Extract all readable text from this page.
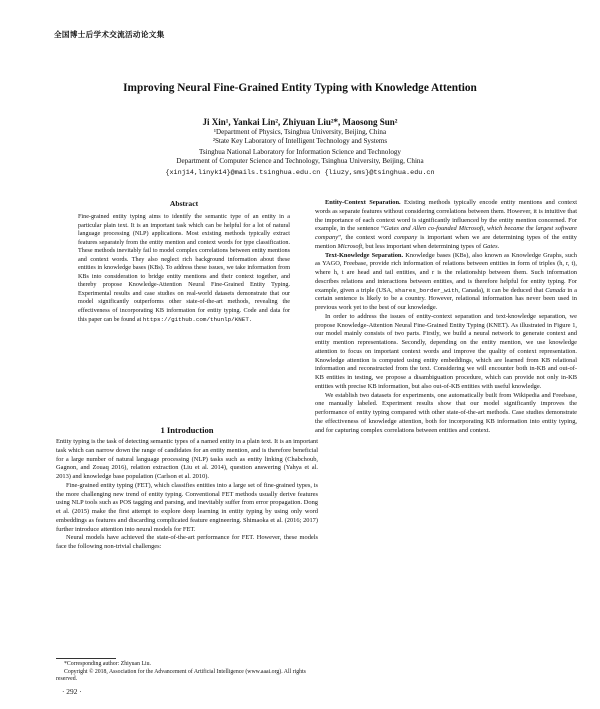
全国博士后学术交流活动论文集
Improving Neural Fine-Grained Entity Typing with Knowledge Attention
Ji Xin¹, Yankai Lin², Zhiyuan Liu²*, Maosong Sun²
¹Department of Physics, Tsinghua University, Beijing, China
²State Key Laboratory of Intelligent Technology and Systems
Tsinghua National Laboratory for Information Science and Technology
Department of Computer Science and Technology, Tsinghua University, Beijing, China
{xinj14,linyk14}@mails.tsinghua.edu.cn {liuzy,sms}@tsinghua.edu.cn
Abstract
Fine-grained entity typing aims to identify the semantic type of an entity in a particular plain text. It is an important task which can be helpful for a lot of natural language processing (NLP) applications. Most existing methods typically extract features separately from the entity mention and context words for type classification. These methods inevitably fail to model complex correlations between entity mentions and context words. They also neglect rich background information about these entities in knowledge bases (KBs). To address these issues, we take information from KBs into consideration to bridge entity mentions and their context together, and thereby propose Knowledge-Attention Neural Fine-Grained Entity Typing. Experimental results and case studies on real-world datasets demonstrate that our model significantly outperforms other state-of-the-art methods, revealing the effectiveness of incorporating KB information for entity typing. Code and data for this paper can be found at https://github.com/thunlp/KNET.
1 Introduction

Entity typing is the task of detecting semantic types of a named entity in a plain text. It is an important task which can narrow down the range of candidates for an entity mention, and is therefore beneficial for a large number of natural language processing (NLP) tasks such as entity linking (Chabchoub, Gagnon, and Zouaq 2016), relation extraction (Liu et al. 2014), question answering (Yahya et al. 2013) and knowledge base population (Carlson et al. 2010).

Fine-grained entity typing (FET), which classifies entities into a large set of fine-grained types, is the more challenging new trend of entity typing. Conventional FET methods usually derive features using NLP tools such as POS tagging and parsing, and inevitably suffer from error propagation. Dong et al. (2015) make the first attempt to explore deep learning in entity typing by using only word embeddings as features and discarding complicated feature engineering. Shimaoka et al. (2016; 2017) further introduce attention into neural models for FET.

Neural models have achieved the state-of-the-art performance for FET. However, these models face the following non-trivial challenges:

Entity-Context Separation. Existing methods typically encode entity mentions and context words as separate features without considering correlations between them. However, it is intuitive that the importance of each context word is significantly influenced by the entity mention concerned. For example, in the sentence “Gates and Allen co-founded Microsoft, which became the largest software company”, the context word company is important when we are determining types of the entity mention Microsoft, but less important when determining types of Gates.

Text-Knowledge Separation. Knowledge bases (KBs), also known as Knowledge Graphs, such as YAGO, Freebase, provide rich information of relations between entities in form of triples (h, r, t), where h, t are head and tail entities, and r is the relationship between them. Such information describes relations and interactions between entities, and is therefore helpful for entity typing. For example, given a triple (USA, shares_border_with, Canada), it can be deduced that Canada in a certain sentence is likely to be a country. However, relational information has never been used in previous work yet to the best of our knowledge.

In order to address the issues of entity-context separation and text-knowledge separation, we propose Knowledge-Attention Neural Fine-Grained Entity Typing (KNET). As illustrated in Figure 1, our model mainly consists of two parts. Firstly, we build a neural network to generate context and entity mention representations. Secondly, depending on the entity mention, we use knowledge attention to focus on important context words and improve the quality of context representation. Knowledge attention is computed using entity embeddings, which are learned from KB relational information and reconstructed from the text. Considering we will encounter both in-KB and out-of-KB entities in testing, we propose a disambiguation procedure, which can provide not only in-KB entities with precise KB information, but also out-of-KB entities with useful knowledge.

We establish two datasets for experiments, one automatically built from Wikipedia and Freebase, one manually labeled. Experiment results show that our model significantly improves the performance of entity typing compared with other state-of-the-art methods. Case studies demonstrate the effectiveness of knowledge attention, both for incorporating KB information into entity typing, and for capturing complex correlations between entities and context.

*Corresponding author: Zhiyuan Liu.
Copyright © 2018, Association for the Advancement of Artificial Intelligence (www.aaai.org). All rights reserved.
· 292 ·
